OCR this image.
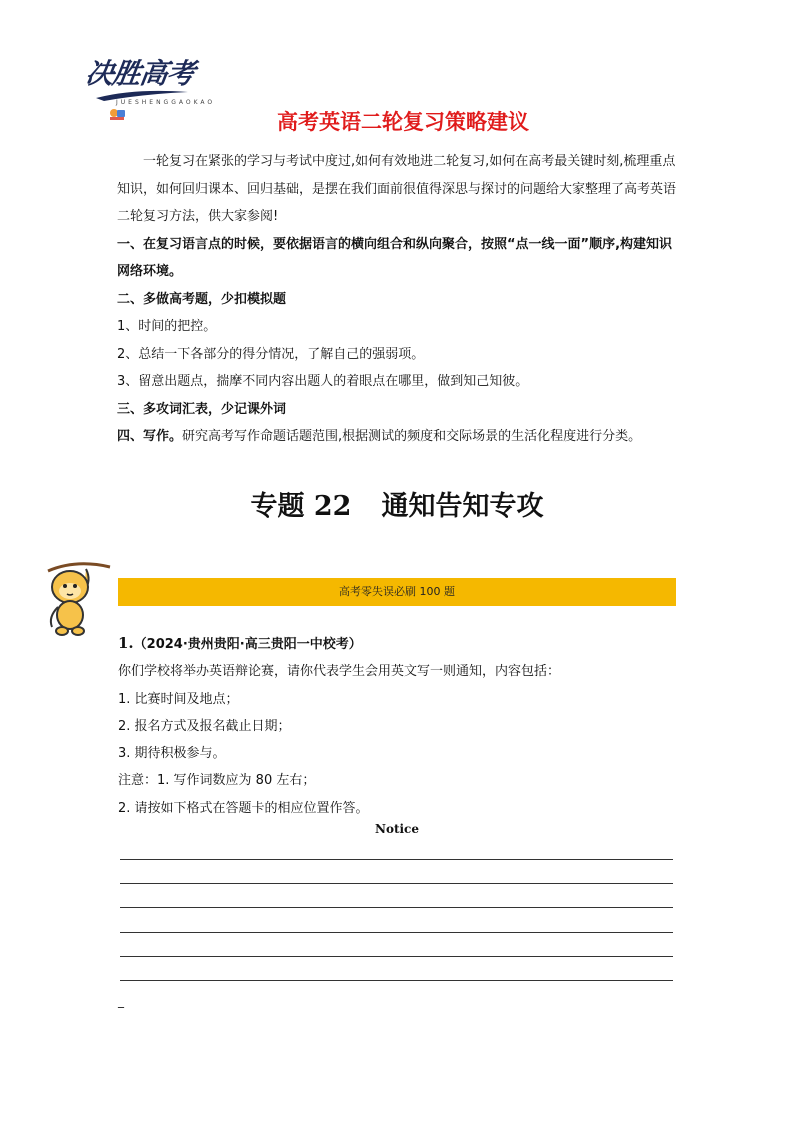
决胜高考
JUESHENGGAOKAO
高考英语二轮复习策略建议

一轮复习在紧张的学习与考试中度过,如何有效地进二轮复习,如何在高考最关键时刻,梳理重点知识，如何回归课本、回归基础，是摆在我们面前很值得深思与探讨的问题给大家整理了高考英语二轮复习方法，供大家参阅!

一、在复习语言点的时候，要依据语言的横向组合和纵向聚合，按照“点一线一面”顺序,构建知识网络环境。

二、多做高考题，少扣模拟题

1、时间的把控。

2、总结一下各部分的得分情况，了解自己的强弱项。

3、留意出题点，揣摩不同内容出题人的着眼点在哪里，做到知己知彼。

三、多攻词汇表，少记课外词

四、写作。研究高考写作命题话题范围,根据测试的频度和交际场景的生活化程度进行分类。

专题 22 通知告知专攻
高考零失误必刷 100 题

1.（2024·贵州贵阳·高三贵阳一中校考）

你们学校将举办英语辩论赛，请你代表学生会用英文写一则通知，内容包括：

1. 比赛时间及地点；

2. 报名方式及报名截止日期；

3. 期待积极参与。

注意：1. 写作词数应为 80 左右；

2. 请按如下格式在答题卡的相应位置作答。

Notice
_
